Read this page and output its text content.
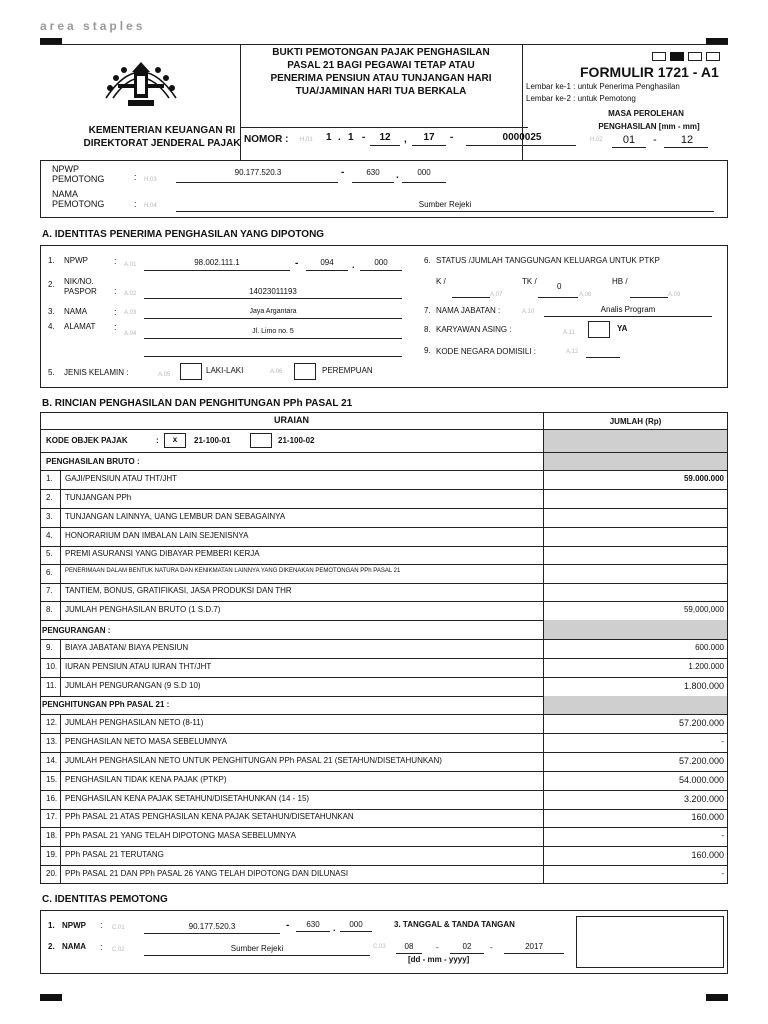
area staples
KEMENTERIAN KEUANGAN RI
DIREKTORAT JENDERAL PAJAK
BUKTI PEMOTONGAN PAJAK PENGHASILAN
PASAL 21 BAGI PEGAWAI TETAP ATAU
PENERIMA PENSIUN ATAU TUNJANGAN HARI
TUA/JAMINAN HARI TUA BERKALA
FORMULIR 1721 - A1
Lembar ke-1 : untuk Penerima Penghasilan
Lembar ke-2 : untuk Pemotong
MASA PEROLEHAN
PENGHASILAN [mm - mm]
H.02	01	-	12
NOMOR : H.01 1 . 1 -	12	,	17	-	0000025
NPWP
PEMOTONG	: H.03
90.177.520.3	-	630	.	000
NAMA
PEMOTONG	: H.04	Sumber Rejeki
A. IDENTITAS PENERIMA PENGHASILAN YANG DIPOTONG
1. NPWP	: A.01	98.002.111.1	-	094	.	000
2. NIK/NO.
PASPOR : A.02	14023011193
3. NAMA	: A.03	Jaya Argantara
4. ALAMAT :
A.04	Jl. Limo no. 5
5. JENIS KELAMIN :	A.05	LAKI-LAKI	A.06	PEREMPUAN
6. STATUS /JUMLAH TANGGUNGAN KELUARGA UNTUK PTKP
K /
A.07
TK /
0
A.08
HB /
A.09
7. NAMA JABATAN :	A.10	Analis Program
8. KARYAWAN ASING :	A.11	YA
9. KODE NEGARA DOMISILI :	A.12
B. RINCIAN PENGHASILAN DAN PENGHITUNGAN PPh PASAL 21
URAIAN	JUMLAH (Rp)
KODE OBJEK PAJAK	:	x	21-100-01	21-100-02
PENGHASILAN BRUTO :
1. GAJI/PENSIUN ATAU THT/JHT	59.000.000
2. TUNJANGAN PPh
3. TUNJANGAN LAINNYA, UANG LEMBUR DAN SEBAGAINYA
4. HONORARIUM DAN IMBALAN LAIN SEJENISNYA
5. PREMI ASURANSI YANG DIBAYAR PEMBERI KERJA
6. PENERIMAAN DALAM BENTUK NATURA DAN KENIKMATAN LAINNYA YANG DIKENAKAN PEMOTONGAN PPh PASAL 21
7. TANTIEM, BONUS, GRATIFIKASI, JASA PRODUKSI DAN THR
8. JUMLAH PENGHASILAN BRUTO (1 S.D.7)	59,000,000
PENGURANGAN :
9. BIAYA JABATAN/ BIAYA PENSIUN	600.000
10. IURAN PENSIUN ATAU IURAN THT/JHT	1.200.000
11. JUMLAH PENGURANGAN (9 S.D 10)	1.800.000
PENGHITUNGAN PPh PASAL 21 :
12. JUMLAH PENGHASILAN NETO (8-11)	57.200.000
13. PENGHASILAN NETO MASA SEBELUMNYA	-
14. JUMLAH PENGHASILAN NETO UNTUK PENGHITUNGAN PPh PASAL 21 (SETAHUN/DISETAHUNKAN)	57.200.000
15. PENGHASILAN TIDAK KENA PAJAK (PTKP)	54.000.000
16. PENGHASILAN KENA PAJAK SETAHUN/DISETAHUNKAN (14 - 15)	3.200.000
17. PPh PASAL 21 ATAS PENGHASILAN KENA PAJAK SETAHUN/DISETAHUNKAN	160.000
18. PPh PASAL 21 YANG TELAH DIPOTONG MASA SEBELUMNYA	-
19. PPh PASAL 21 TERUTANG	160.000
20. PPh PASAL 21 DAN PPh PASAL 26 YANG TELAH DIPOTONG DAN DILUNASI	-
C. IDENTITAS PEMOTONG
1. NPWP : C.01	90.177.520.3	-	630	.	000	3. TANGGAL & TANDA TANGAN
2. NAMA : C.02	Sumber Rejeki	C.03	08	-	02	-	2017
[dd - mm - yyyy]
